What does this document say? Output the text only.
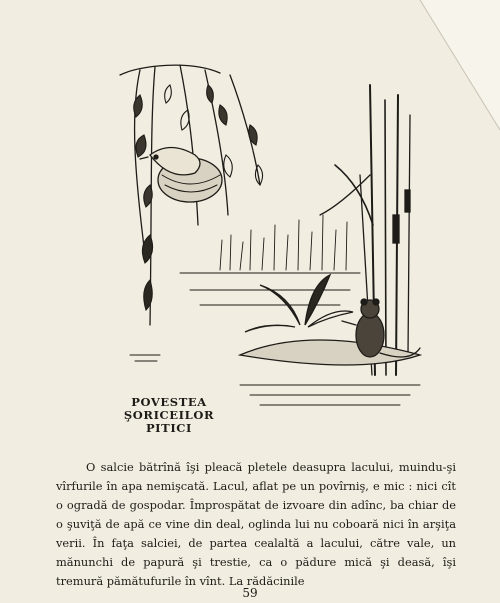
POVESTEA
ŞORICEILOR
PITICI

O salcie bătrînă îşi pleacă pletele deasupra lacului, muindu-şi vîrfurile în apa nemişcată. Lacul, aflat pe un povîrniş, e mic : nici cît o ogradă de gospodar. Împrospătat de izvoare din adînc, ba chiar de o şuviţă de apă ce vine din deal, oglinda lui nu coboară nici în arşiţa verii. În faţa salciei, de partea cealaltă a lacului, către vale, un mănunchi de papură şi trestie, ca o pădure mică şi deasă, îşi tremură pămătufurile în vînt. La rădăcinile

59
